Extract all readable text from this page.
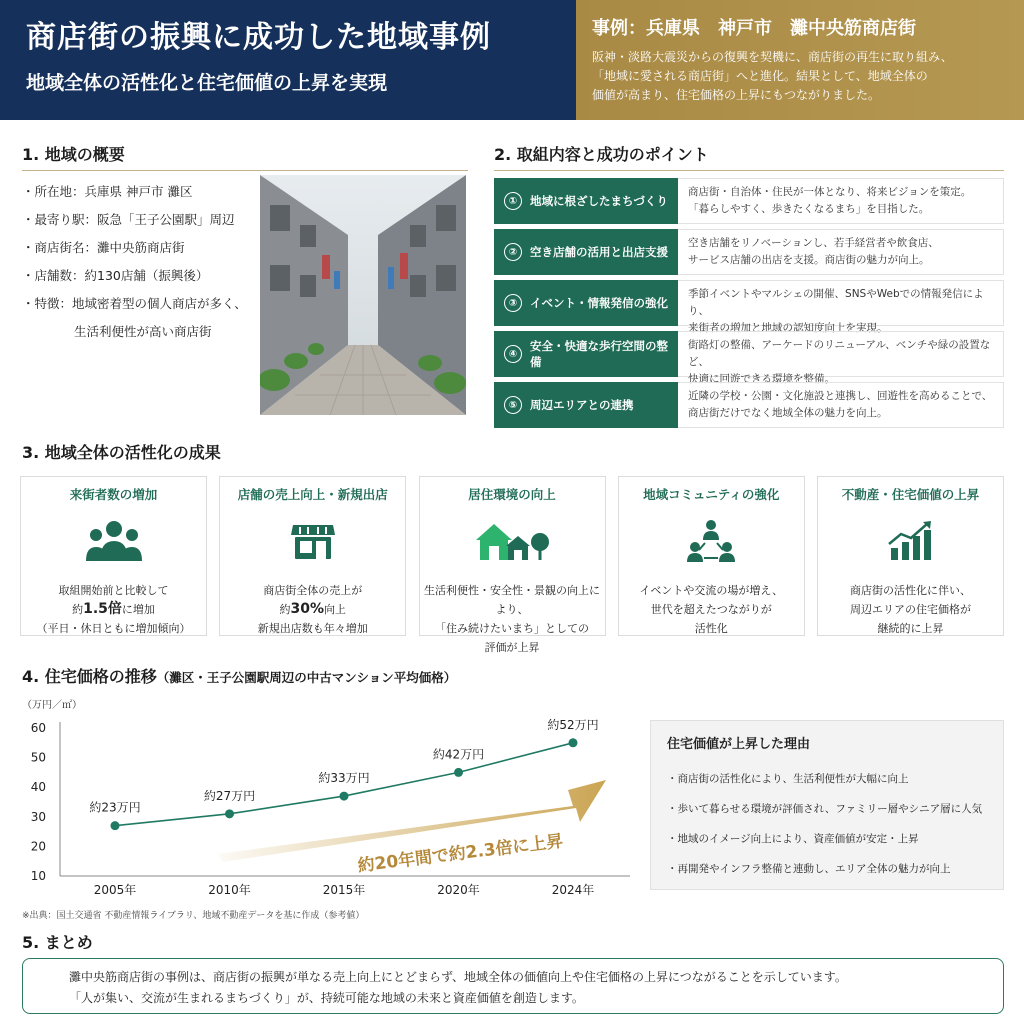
商店街の振興に成功した地域事例
地域全体の活性化と住宅価値の上昇を実現
事例：兵庫県　神戸市　灘中央筋商店街

阪神・淡路大震災からの復興を契機に、商店街の再生に取り組み、
「地域に愛される商店街」へと進化。結果として、地域全体の
価値が高まり、住宅価格の上昇にもつながりました。

1. 地域の概要
・所在地：兵庫県 神戸市 灘区
・最寄り駅：阪急「王子公園駅」周辺
・商店街名：灘中央筋商店街
・店舗数：約130店舗（振興後）
・特徴：地域密着型の個人商店が多く、
生活利便性が高い商店街
2. 取組内容と成功のポイント
①	地域に根ざしたまちづくり
商店街・自治体・住民が一体となり、将来ビジョンを策定。
「暮らしやすく、歩きたくなるまち」を目指した。
②	空き店舗の活用と出店支援
空き店舗をリノベーションし、若手経営者や飲食店、
サービス店舗の出店を支援。商店街の魅力が向上。
③	イベント・情報発信の強化
季節イベントやマルシェの開催、SNSやWebでの情報発信により、
来街者の増加と地域の認知度向上を実現。
④
安全・快適な歩行空間の整備
街路灯の整備、アーケードのリニューアル、ベンチや緑の設置など、
快適に回遊できる環境を整備。
⑤	周辺エリアとの連携
近隣の学校・公園・文化施設と連携し、回遊性を高めることで、
商店街だけでなく地域全体の魅力を向上。
3. 地域全体の活性化の成果
来街者数の増加
取組開始前と比較して
約1.5倍に増加
（平日・休日ともに増加傾向）
店舗の売上向上・新規出店
商店街全体の売上が
約30%向上
新規出店数も年々増加
居住環境の向上
生活利便性・安全性・景観の向上により、
「住み続けたいまち」としての
評価が上昇
地域コミュニティの強化
イベントや交流の場が増え、
世代を超えたつながりが
活性化
不動産・住宅価値の上昇
商店街の活性化に伴い、
周辺エリアの住宅価格が
継続的に上昇
4. 住宅価格の推移（灘区・王子公園駅周辺の中古マンション平均価格）
（万円／㎡）
10
20
30
40
50
60
約20年間で約2.3倍に上昇
約23万円
2005年
約27万円
2010年
約33万円
2015年
約42万円
2020年
約52万円
2024年
※出典：国土交通省 不動産情報ライブラリ、地域不動産データを基に作成（参考値）
住宅価値が上昇した理由
・商店街の活性化により、生活利便性が大幅に向上
・歩いて暮らせる環境が評価され、ファミリー層やシニア層に人気
・地域のイメージ向上により、資産価値が安定・上昇
・再開発やインフラ整備と連動し、エリア全体の魅力が向上
5. まとめ
灘中央筋商店街の事例は、商店街の振興が単なる売上向上にとどまらず、地域全体の価値向上や住宅価格の上昇につながることを示しています。
「人が集い、交流が生まれるまちづくり」が、持続可能な地域の未来と資産価値を創造します。
